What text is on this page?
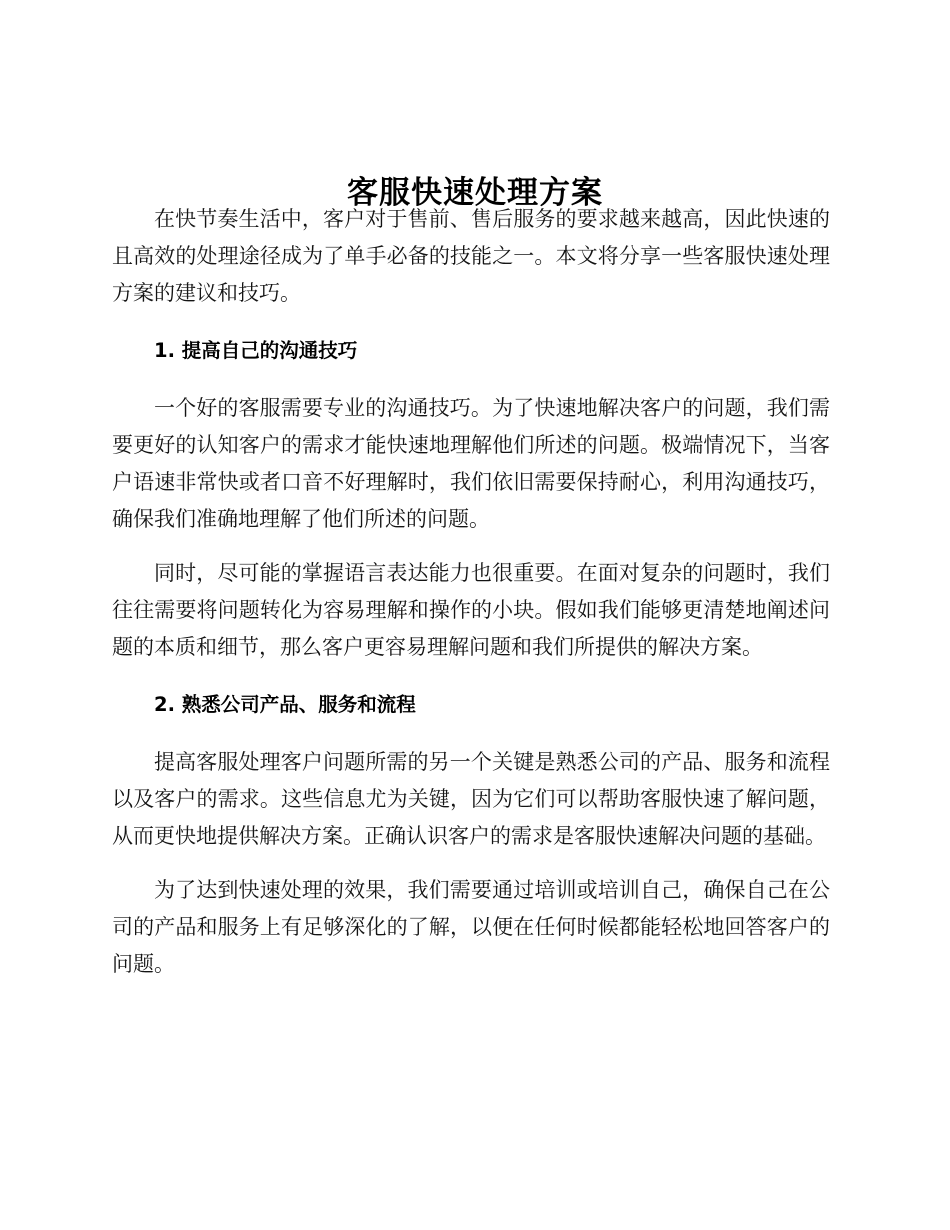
客服快速处理方案

在快节奏生活中，客户对于售前、售后服务的要求越来越高，因此快速的且高效的处理途径成为了单手必备的技能之一。本文将分享一些客服快速处理方案的建议和技巧。

1. 提高自己的沟通技巧

一个好的客服需要专业的沟通技巧。为了快速地解决客户的问题，我们需要更好的认知客户的需求才能快速地理解他们所述的问题。极端情况下，当客户语速非常快或者口音不好理解时，我们依旧需要保持耐心，利用沟通技巧，确保我们准确地理解了他们所述的问题。

同时，尽可能的掌握语言表达能力也很重要。在面对复杂的问题时，我们往往需要将问题转化为容易理解和操作的小块。假如我们能够更清楚地阐述问题的本质和细节，那么客户更容易理解问题和我们所提供的解决方案。

2. 熟悉公司产品、服务和流程

提高客服处理客户问题所需的另一个关键是熟悉公司的产品、服务和流程以及客户的需求。这些信息尤为关键，因为它们可以帮助客服快速了解问题，从而更快地提供解决方案。正确认识客户的需求是客服快速解决问题的基础。

为了达到快速处理的效果，我们需要通过培训或培训自己，确保自己在公司的产品和服务上有足够深化的了解，以便在任何时候都能轻松地回答客户的问题。
